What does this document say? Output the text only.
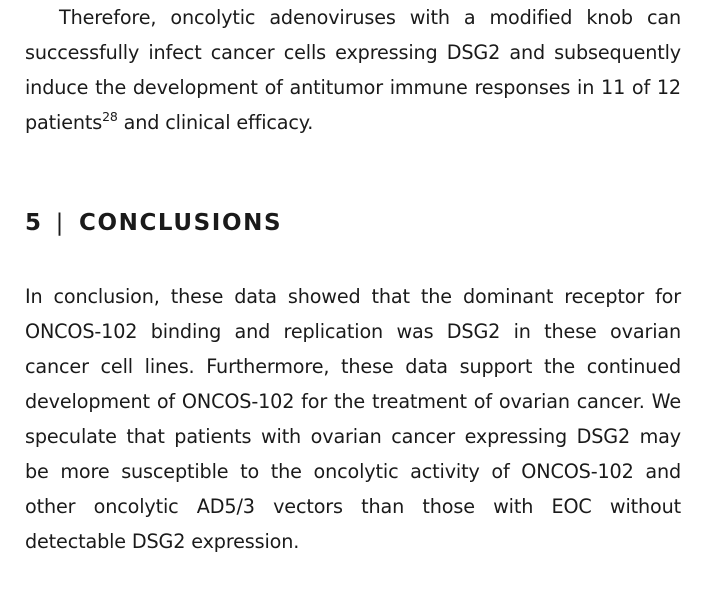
Therefore, oncolytic adenoviruses with a modified knob can successfully infect cancer cells expressing DSG2 and subsequently induce the development of antitumor immune responses in 11 of 12 patients$^{28}$ and clinical efficacy.

5 | CONCLUSIONS

In conclusion, these data showed that the dominant receptor for ONCOS-102 binding and replication was DSG2 in these ovarian cancer cell lines. Furthermore, these data support the continued development of ONCOS-102 for the treatment of ovarian cancer. We speculate that patients with ovarian cancer expressing DSG2 may be more susceptible to the oncolytic activity of ONCOS-102 and other oncolytic AD5/3 vectors than those with EOC without detectable DSG2 expression.
